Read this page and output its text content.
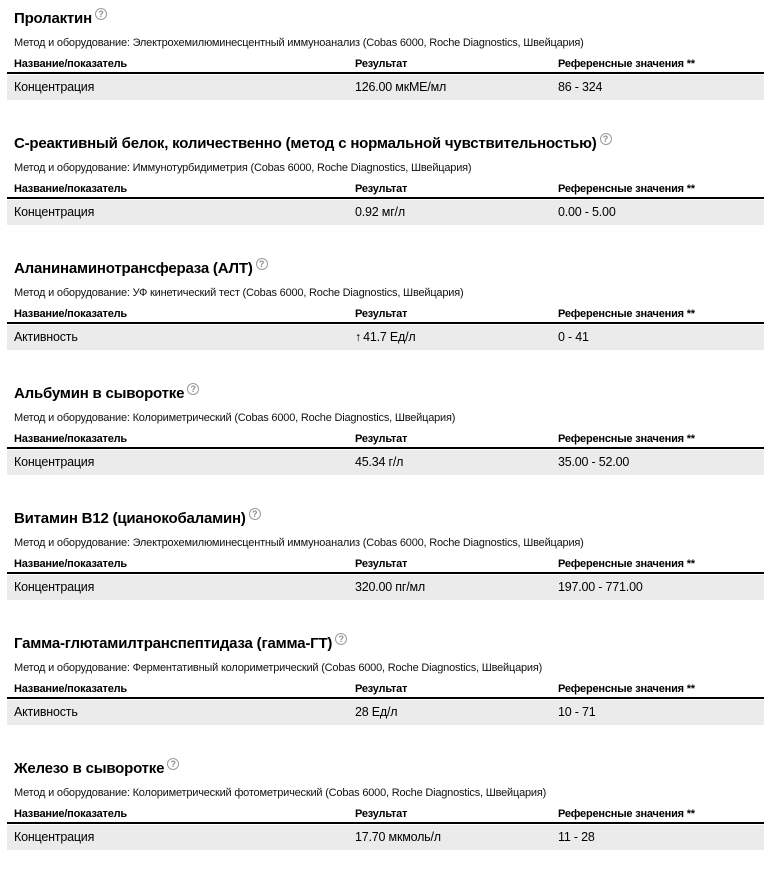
Пролактин ?

Метод и оборудование: Электрохемилюминесцентный иммуноанализ (Cobas 6000, Roche Diagnostics, Швейцария)

Название/показатель	Результат	Референсные значения **
Концентрация	126.00 мкМЕ/мл	86 - 324
С-реактивный белок, количественно (метод с нормальной чувствительностью) ?

Метод и оборудование: Иммунотурбидиметрия (Cobas 6000, Roche Diagnostics, Швейцария)

Название/показатель	Результат	Референсные значения **
Концентрация	0.92 мг/л	0.00 - 5.00
Аланинаминотрансфераза (АЛТ) ?

Метод и оборудование: УФ кинетический тест (Cobas 6000, Roche Diagnostics, Швейцария)

Название/показатель	Результат	Референсные значения **
Активность	↑ 41.7 Ед/л	0 - 41
Альбумин в сыворотке ?

Метод и оборудование: Колориметрический (Cobas 6000, Roche Diagnostics, Швейцария)

Название/показатель	Результат	Референсные значения **
Концентрация	45.34 г/л	35.00 - 52.00
Витамин B12 (цианокобаламин) ?

Метод и оборудование: Электрохемилюминесцентный иммуноанализ (Cobas 6000, Roche Diagnostics, Швейцария)

Название/показатель	Результат	Референсные значения **
Концентрация	320.00 пг/мл	197.00 - 771.00
Гамма-глютамилтранспептидаза (гамма-ГТ) ?

Метод и оборудование: Ферментативный колориметрический (Cobas 6000, Roche Diagnostics, Швейцария)

Название/показатель	Результат	Референсные значения **
Активность	28 Ед/л	10 - 71
Железо в сыворотке ?

Метод и оборудование: Колориметрический фотометрический (Cobas 6000, Roche Diagnostics, Швейцария)

Название/показатель	Результат	Референсные значения **
Концентрация	17.70 мкмоль/л	11 - 28
